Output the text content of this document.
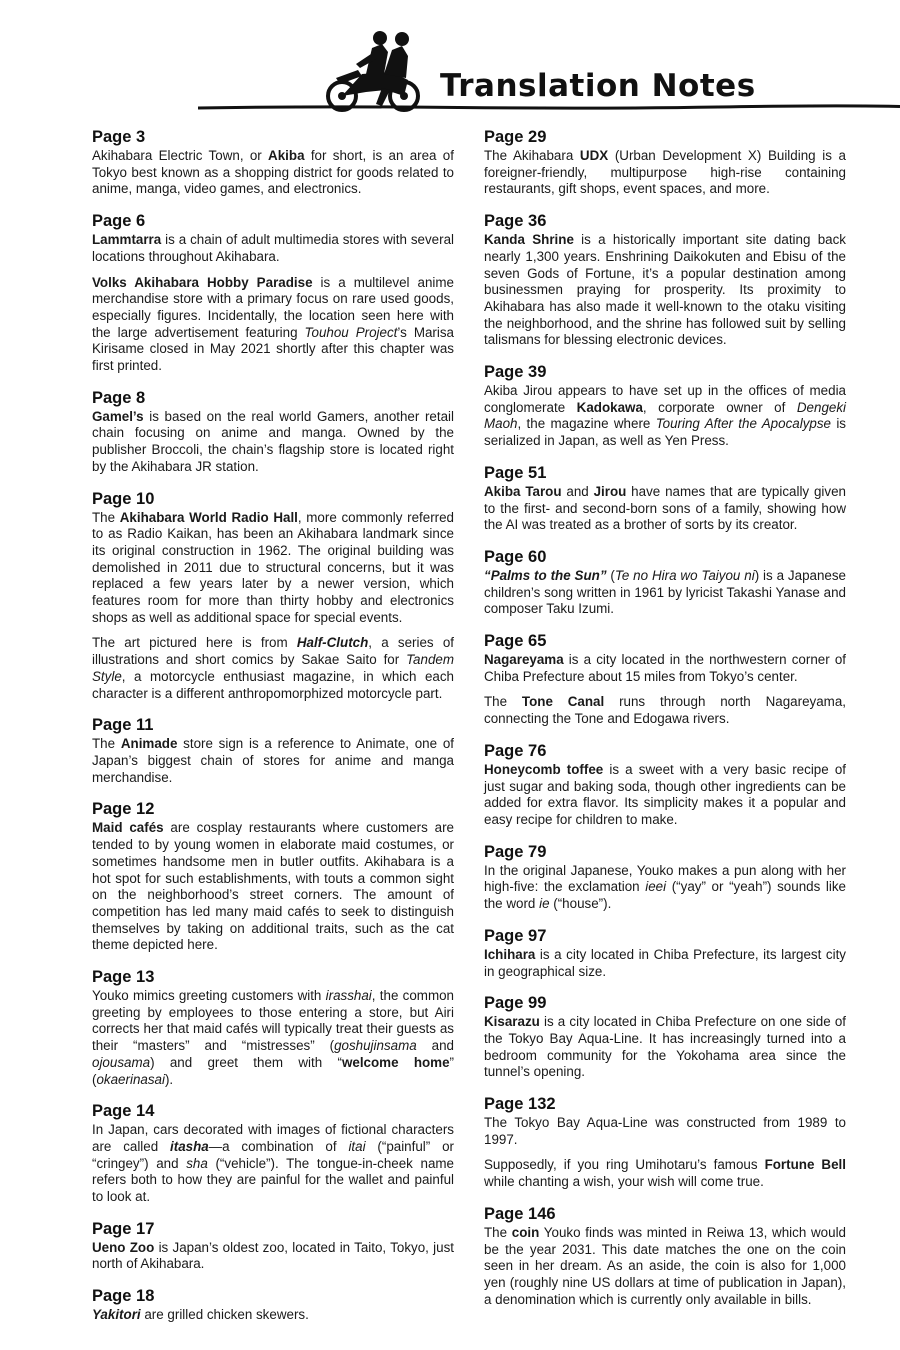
Translation Notes
Page 3
Akihabara Electric Town, or Akiba for short, is an area of Tokyo best known as a shopping district for goods related to anime, manga, video games, and electronics.
Page 6
Lammtarra is a chain of adult multimedia stores with several locations throughout Akihabara.
Volks Akihabara Hobby Paradise is a multilevel anime merchandise store with a primary focus on rare used goods, especially figures. Incidentally, the location seen here with the large advertisement featuring Touhou Project’s Marisa Kirisame closed in May 2021 shortly after this chapter was first printed.
Page 8
Gamel’s is based on the real world Gamers, another retail chain focusing on anime and manga. Owned by the publisher Broccoli, the chain’s flagship store is located right by the Akihabara JR station.
Page 10
The Akihabara World Radio Hall, more commonly referred to as Radio Kaikan, has been an Akihabara landmark since its original construction in 1962. The original building was demolished in 2011 due to structural concerns, but it was replaced a few years later by a newer version, which features room for more than thirty hobby and electronics shops as well as additional space for special events.
The art pictured here is from Half-Clutch, a series of illustrations and short comics by Sakae Saito for Tandem Style, a motorcycle enthusiast magazine, in which each character is a different anthropomorphized motorcycle part.
Page 11
The Animade store sign is a reference to Animate, one of Japan’s biggest chain of stores for anime and manga merchandise.
Page 12
Maid cafés are cosplay restaurants where customers are tended to by young women in elaborate maid costumes, or sometimes handsome men in butler outfits. Akihabara is a hot spot for such establishments, with touts a common sight on the neighborhood’s street corners. The amount of competition has led many maid cafés to seek to distinguish themselves by taking on additional traits, such as the cat theme depicted here.
Page 13
Youko mimics greeting customers with irasshai, the common greeting by employees to those entering a store, but Airi corrects her that maid cafés will typically treat their guests as their “masters” and “mistresses” (goshujinsama and ojousama) and greet them with “welcome home” (okaerinasai).
Page 14
In Japan, cars decorated with images of fictional characters are called itasha—a combination of itai (“painful” or “cringey”) and sha (“vehicle”). The tongue-in-cheek name refers both to how they are painful for the wallet and painful to look at.
Page 17
Ueno Zoo is Japan’s oldest zoo, located in Taito, Tokyo, just north of Akihabara.
Page 18
Yakitori are grilled chicken skewers.
Page 29
The Akihabara UDX (Urban Development X) Building is a foreigner-friendly, multipurpose high-rise containing restaurants, gift shops, event spaces, and more.
Page 36
Kanda Shrine is a historically important site dating back nearly 1,300 years. Enshrining Daikokuten and Ebisu of the seven Gods of Fortune, it’s a popular destination among businessmen praying for prosperity. Its proximity to Akihabara has also made it well-known to the otaku visiting the neighborhood, and the shrine has followed suit by selling talismans for blessing electronic devices.
Page 39
Akiba Jirou appears to have set up in the offices of media conglomerate Kadokawa, corporate owner of Dengeki Maoh, the magazine where Touring After the Apocalypse is serialized in Japan, as well as Yen Press.
Page 51
Akiba Tarou and Jirou have names that are typically given to the first- and second-born sons of a family, showing how the AI was treated as a brother of sorts by its creator.
Page 60
“Palms to the Sun” (Te no Hira wo Taiyou ni) is a Japanese children’s song written in 1961 by lyricist Takashi Yanase and composer Taku Izumi.
Page 65
Nagareyama is a city located in the northwestern corner of Chiba Prefecture about 15 miles from Tokyo’s center.
The Tone Canal runs through north Nagareyama, connecting the Tone and Edogawa rivers.
Page 76
Honeycomb toffee is a sweet with a very basic recipe of just sugar and baking soda, though other ingredients can be added for extra flavor. Its simplicity makes it a popular and easy recipe for children to make.
Page 79
In the original Japanese, Youko makes a pun along with her high-five: the exclamation ieei (“yay” or “yeah”) sounds like the word ie (“house”).
Page 97
Ichihara is a city located in Chiba Prefecture, its largest city in geographical size.
Page 99
Kisarazu is a city located in Chiba Prefecture on one side of the Tokyo Bay Aqua-Line. It has increasingly turned into a bedroom community for the Yokohama area since the tunnel’s opening.
Page 132
The Tokyo Bay Aqua-Line was constructed from 1989 to 1997.
Supposedly, if you ring Umihotaru’s famous Fortune Bell while chanting a wish, your wish will come true.
Page 146
The coin Youko finds was minted in Reiwa 13, which would be the year 2031. This date matches the one on the coin seen in her dream. As an aside, the coin is also for 1,000 yen (roughly nine US dollars at time of publication in Japan), a denomination which is currently only available in bills.
